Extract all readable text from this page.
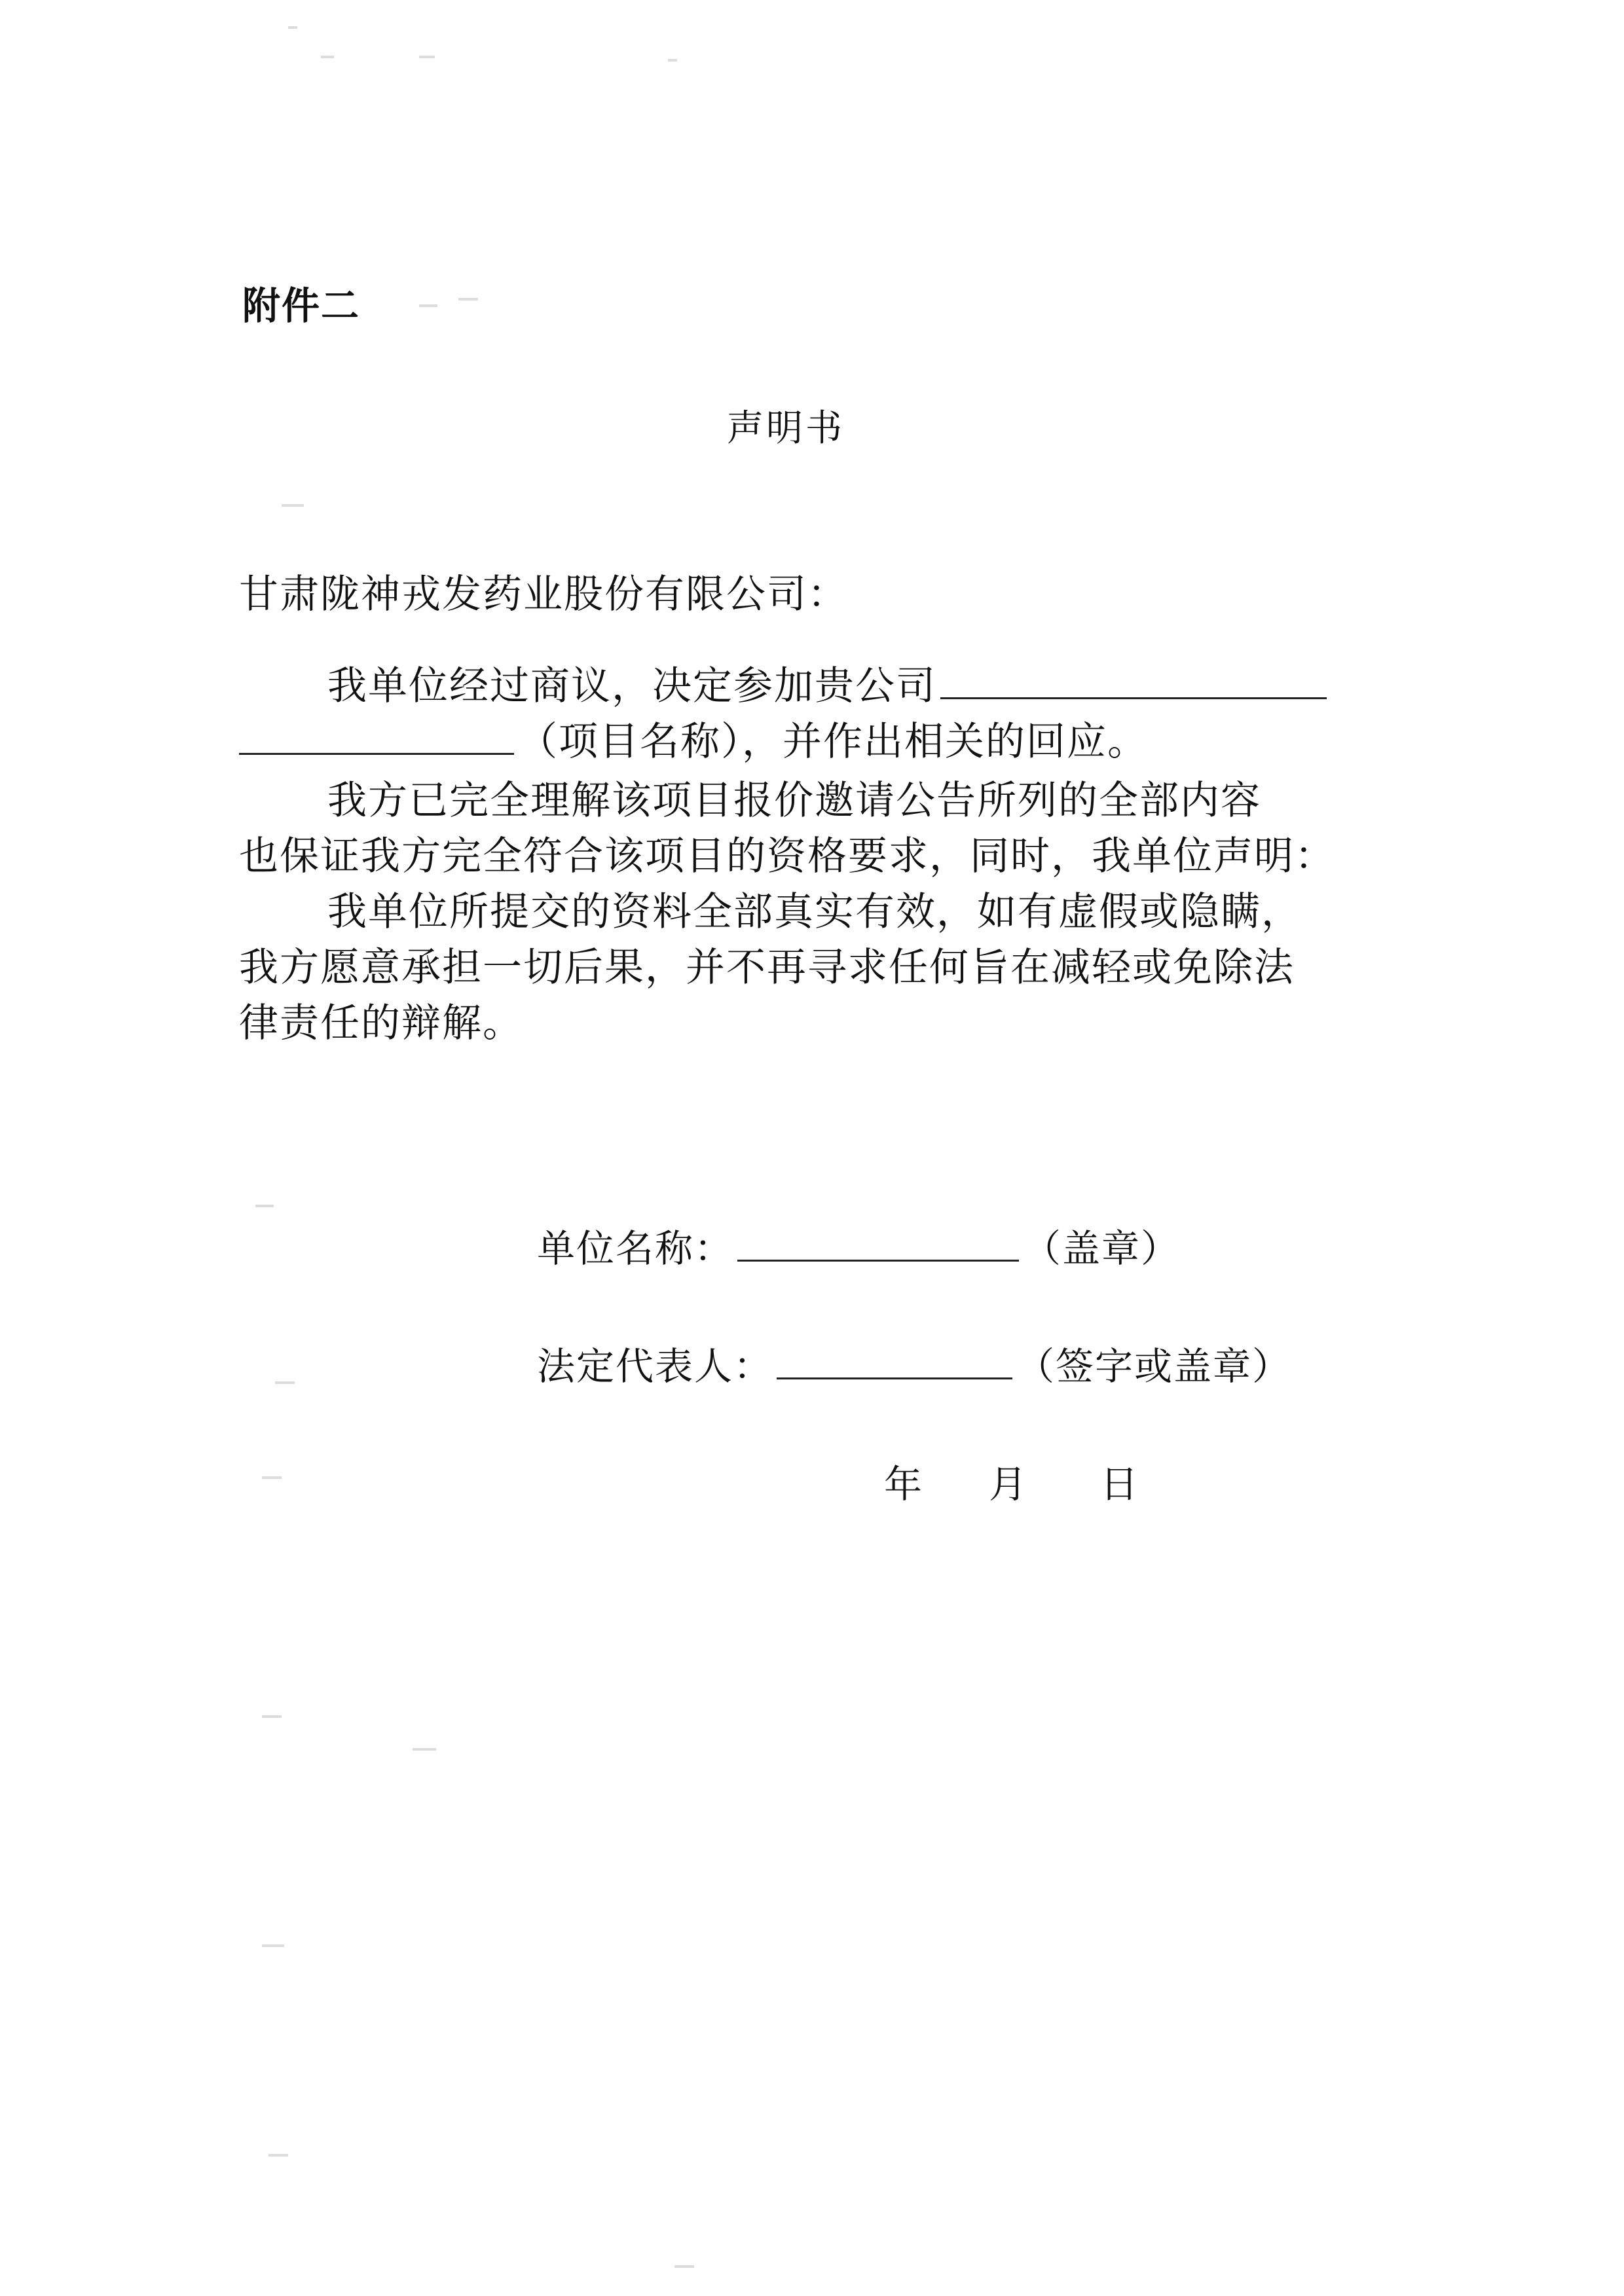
附件二
声明书
甘肃陇神戎发药业股份有限公司：
我单位经过商议，决定参加贵公司
（项目名称），并作出相关的回应。
我方已完全理解该项目报价邀请公告所列的全部内容
也保证我方完全符合该项目的资格要求，同时，我单位声明：
我单位所提交的资料全部真实有效，如有虚假或隐瞒，
我方愿意承担一切后果，并不再寻求任何旨在减轻或免除法
律责任的辩解。
单位名称：	（盖章）
法定代表人：	（签字或盖章）
年 月 日
